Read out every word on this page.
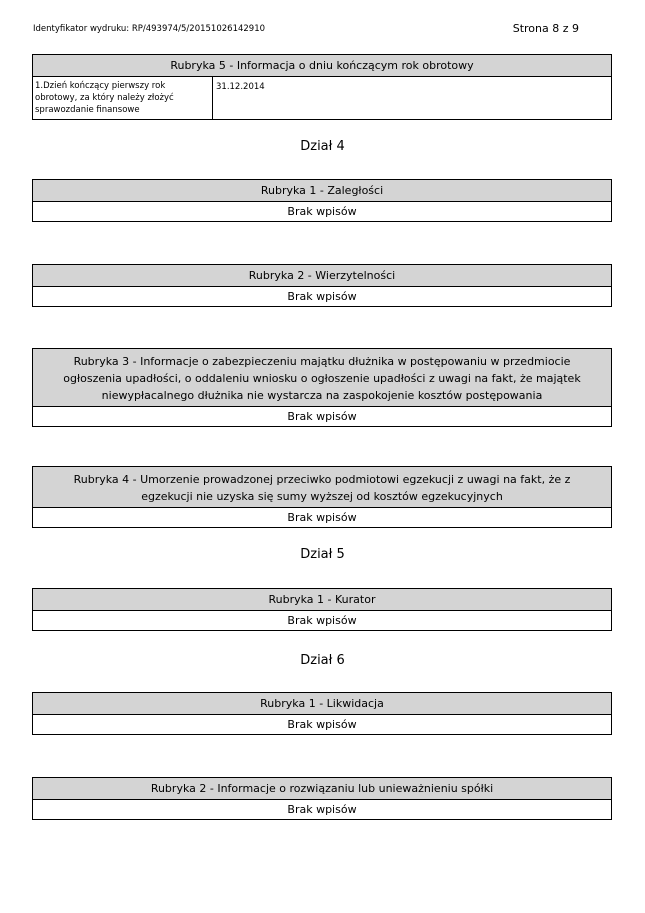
Identyfikator wydruku: RP/493974/5/20151026142910	Strona 8 z 9
Rubryka 5 - Informacja o dniu kończącym rok obrotowy
1.Dzień kończący pierwszy rok obrotowy, za który należy złożyć sprawozdanie finansowe
31.12.2014
Dział 4
Rubryka 1 - Zaległości
Brak wpisów
Rubryka 2 - Wierzytelności
Brak wpisów
Rubryka 3 - Informacje o zabezpieczeniu majątku dłużnika w postępowaniu w przedmiocie ogłoszenia upadłości, o oddaleniu wniosku o ogłoszenie upadłości z uwagi na fakt, że majątek niewypłacalnego dłużnika nie wystarcza na zaspokojenie kosztów postępowania
Brak wpisów
Rubryka 4 - Umorzenie prowadzonej przeciwko podmiotowi egzekucji z uwagi na fakt, że z egzekucji nie uzyska się sumy wyższej od kosztów egzekucyjnych
Brak wpisów
Dział 5
Rubryka 1 - Kurator
Brak wpisów
Dział 6
Rubryka 1 - Likwidacja
Brak wpisów
Rubryka 2 - Informacje o rozwiązaniu lub unieważnieniu spółki
Brak wpisów
